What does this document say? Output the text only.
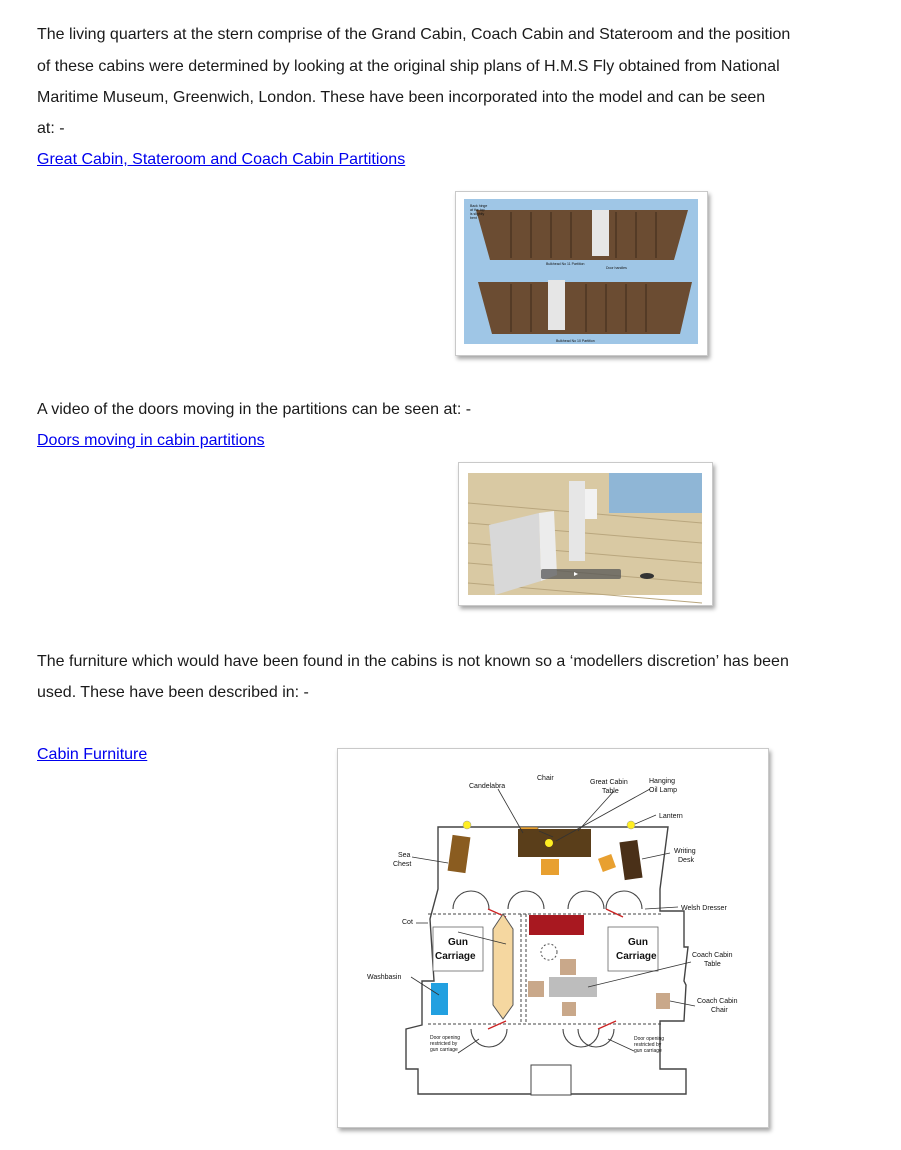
The living quarters at the stern comprise of the Grand Cabin, Coach Cabin and Stateroom and the position

of these cabins were determined by looking at the original ship plans of H.M.S Fly obtained from National

Maritime Museum, Greenwich, London. These have been incorporated into the model and can be seen

at: -

Great Cabin, Stateroom and Coach Cabin Partitions
Back hinge
at the top
is slightly
bent
Bulkhead No 11 Partition
Door handles
Bulkhead No 10 Partition

A video of the doors moving in the partitions can be seen at: -

Doors moving in cabin partitions

The furniture which would have been found in the cabins is not known so a ‘modellers discretion’ has been

used. These have been described in: -

Cabin Furniture
Chair
Candelabra
Great Cabin
Table
Hanging
Oil Lamp
Lantern
Sea
Chest
Writing
Desk
Welsh Dresser
Cot
Gun
Carriage
Gun
Carriage	Coach Cabin
Table
Washbasin
Coach Cabin
Chair
Door opening
restricted by
gun carriage
Door opening
restricted by
gun carriage
